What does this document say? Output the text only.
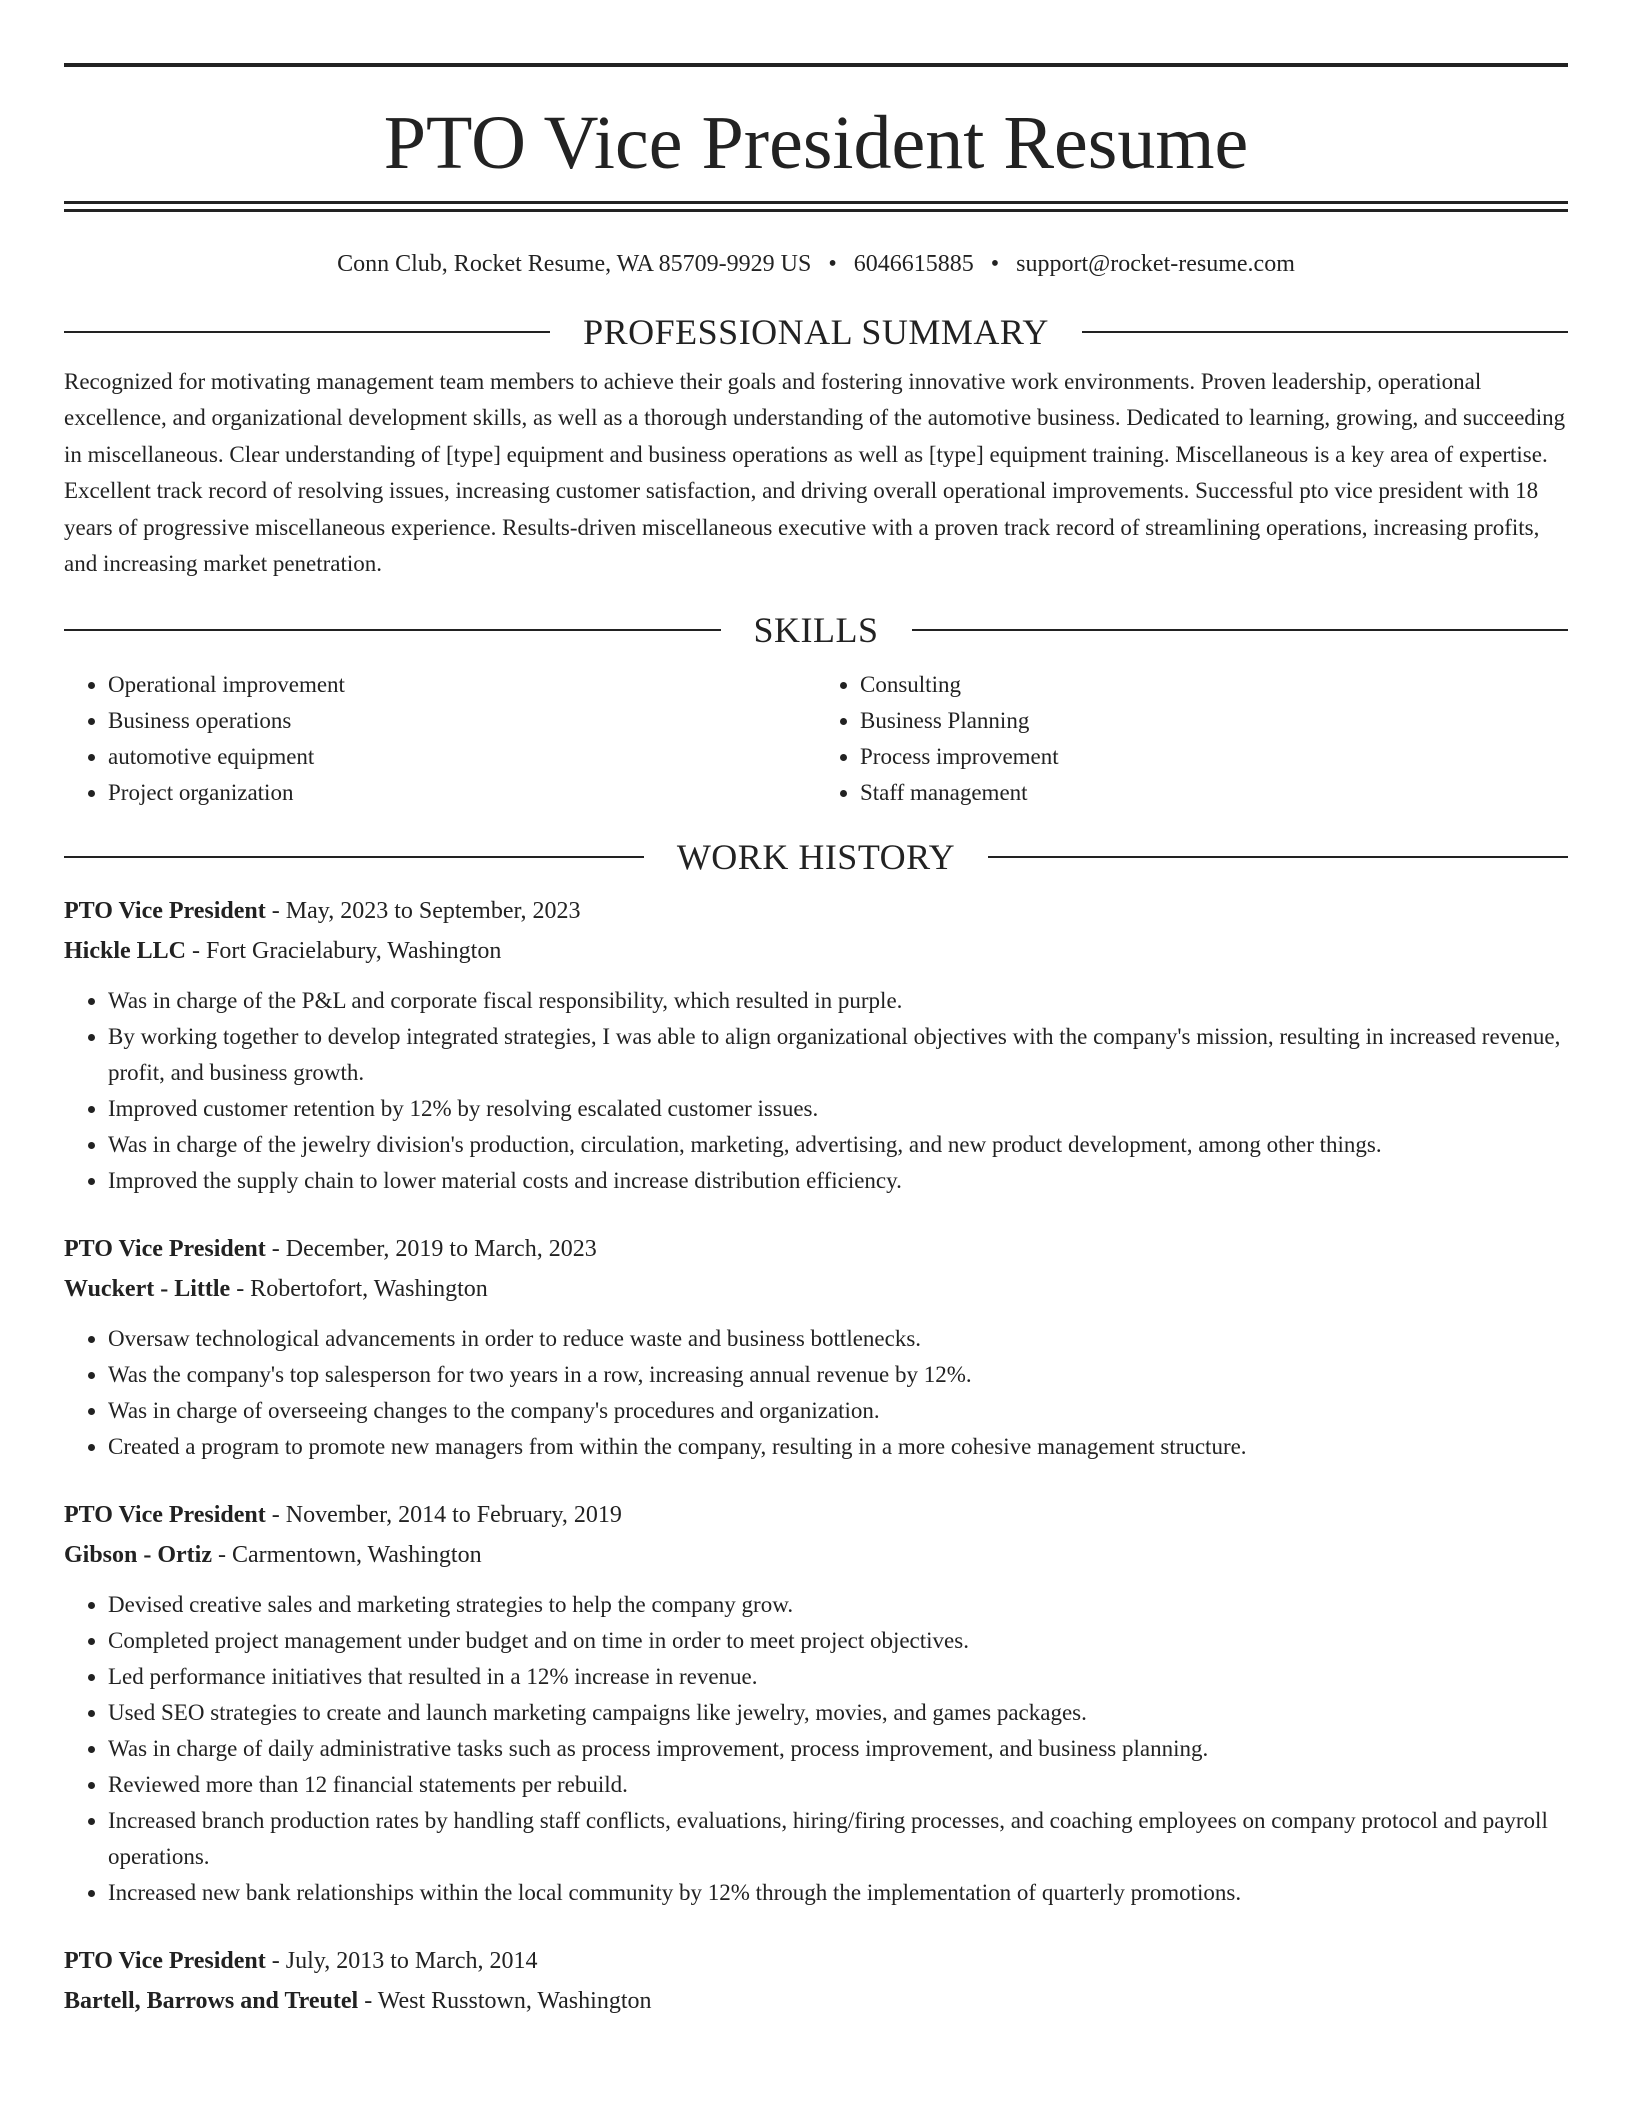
PTO Vice President Resume
Conn Club, Rocket Resume, WA 85709-9929 US • 6046615885 • support@rocket-resume.com
PROFESSIONAL SUMMARY

Recognized for motivating management team members to achieve their goals and fostering innovative work environments. Proven leadership, operational excellence, and organizational development skills, as well as a thorough understanding of the automotive business. Dedicated to learning, growing, and succeeding in miscellaneous. Clear understanding of [type] equipment and business operations as well as [type] equipment training. Miscellaneous is a key area of expertise. Excellent track record of resolving issues, increasing customer satisfaction, and driving overall operational improvements. Successful pto vice president with 18 years of progressive miscellaneous experience. Results-driven miscellaneous executive with a proven track record of streamlining operations, increasing profits, and increasing market penetration.

SKILLS
• Operational improvement
• Business operations
• automotive equipment
• Project organization
• Consulting
• Business Planning
• Process improvement
• Staff management
WORK HISTORY
PTO Vice President - May, 2023 to September, 2023
Hickle LLC - Fort Gracielabury, Washington
• Was in charge of the P&L and corporate fiscal responsibility, which resulted in purple.
• By working together to develop integrated strategies, I was able to align organizational objectives with the company's mission, resulting in increased revenue, profit, and business growth.
• Improved customer retention by 12% by resolving escalated customer issues.
• Was in charge of the jewelry division's production, circulation, marketing, advertising, and new product development, among other things.
• Improved the supply chain to lower material costs and increase distribution efficiency.
PTO Vice President - December, 2019 to March, 2023
Wuckert - Little - Robertofort, Washington
• Oversaw technological advancements in order to reduce waste and business bottlenecks.
• Was the company's top salesperson for two years in a row, increasing annual revenue by 12%.
• Was in charge of overseeing changes to the company's procedures and organization.
• Created a program to promote new managers from within the company, resulting in a more cohesive management structure.
PTO Vice President - November, 2014 to February, 2019
Gibson - Ortiz - Carmentown, Washington
• Devised creative sales and marketing strategies to help the company grow.
• Completed project management under budget and on time in order to meet project objectives.
• Led performance initiatives that resulted in a 12% increase in revenue.
• Used SEO strategies to create and launch marketing campaigns like jewelry, movies, and games packages.
• Was in charge of daily administrative tasks such as process improvement, process improvement, and business planning.
• Reviewed more than 12 financial statements per rebuild.
• Increased branch production rates by handling staff conflicts, evaluations, hiring/firing processes, and coaching employees on company protocol and payroll operations.
• Increased new bank relationships within the local community by 12% through the implementation of quarterly promotions.
PTO Vice President - July, 2013 to March, 2014
Bartell, Barrows and Treutel - West Russtown, Washington
